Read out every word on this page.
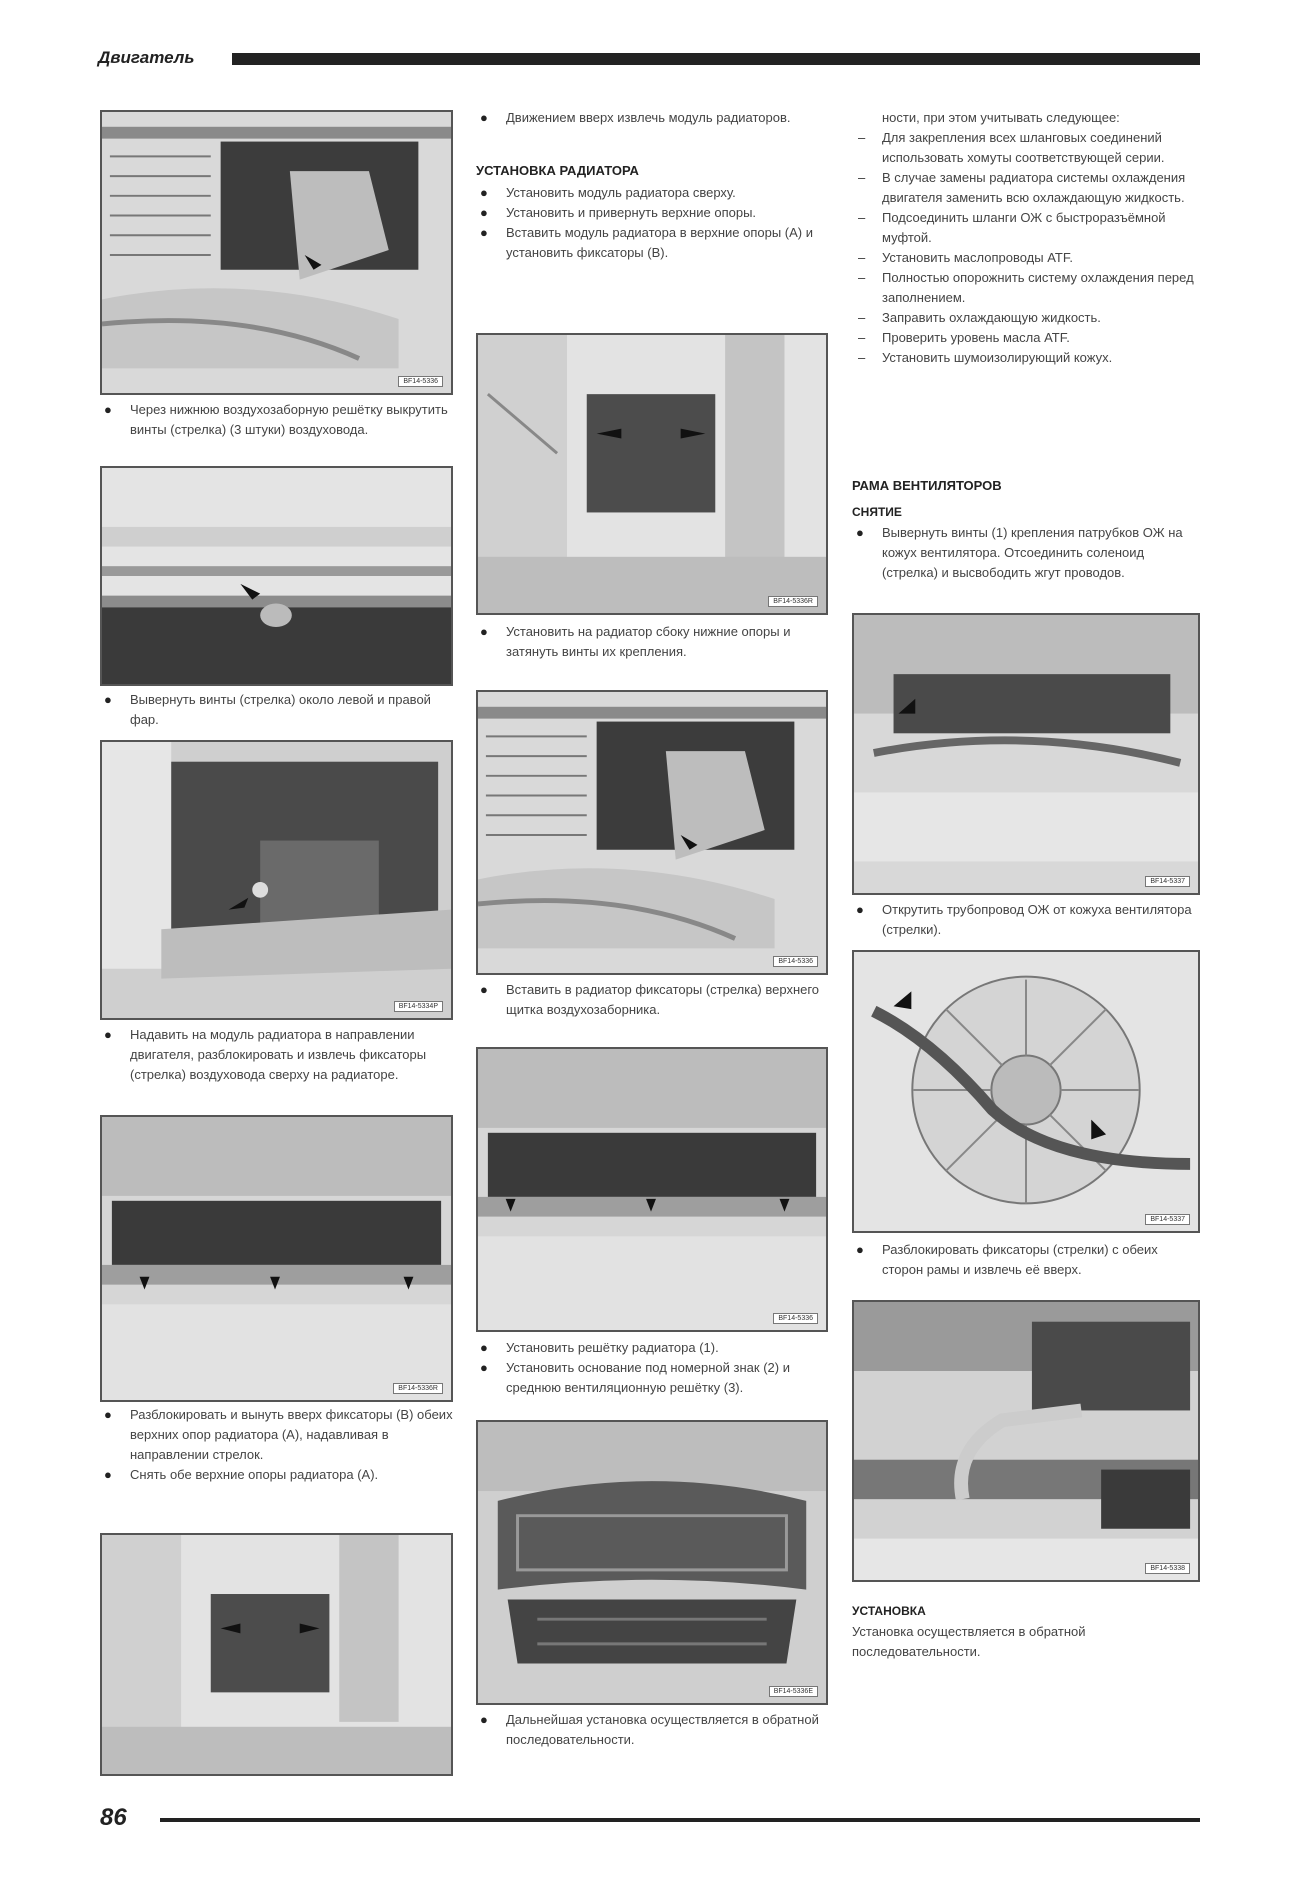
Двигатель
BF14-5336

● Через нижнюю воздухозаборную решётку выкрутить винты (стрелка) (3 штуки) воздуховода.

● Вывернуть винты (стрелка) около левой и правой фар.

BF14-5334P

● Надавить на модуль радиатора в направлении двигателя, разблокировать и извлечь фиксаторы (стрелка) воздуховода сверху на радиаторе.

BF14-5336R

● Разблокировать и вынуть вверх фиксаторы (B) обеих верхних опор радиатора (A), надавливая в направлении стрелок.

● Снять обе верхние опоры радиатора (A).

● Движением вверх извлечь модуль радиаторов.

УСТАНОВКА РАДИАТОРА

● Установить модуль радиатора сверху.

● Установить и привернуть верхние опоры.

● Вставить модуль радиатора в верхние опоры (A) и установить фиксаторы (B).

BF14-5336R

● Установить на радиатор сбоку нижние опоры и затянуть винты их крепления.

BF14-5336

● Вставить в радиатор фиксаторы (стрелка) верхнего щитка воздухозаборника.

BF14-5336

● Установить решётку радиатора (1).

● Установить основание под номерной знак (2) и среднюю вентиляционную решётку (3).

BF14-5336E

● Дальнейшая установка осуществляется в обратной последовательности.

ности, при этом учитывать следующее:

– Для закрепления всех шланговых соединений использовать хомуты соответствующей серии.

– В случае замены радиатора системы охлаждения двигателя заменить всю охлаждающую жидкость.

– Подсоединить шланги ОЖ с быстроразъёмной муфтой.

– Установить маслопроводы ATF.

– Полностью опорожнить систему охлаждения перед заполнением.

– Заправить охлаждающую жидкость.

– Проверить уровень масла ATF.

– Установить шумоизолирующий кожух.

РАМА ВЕНТИЛЯТОРОВ
СНЯТИЕ

● Вывернуть винты (1) крепления патрубков ОЖ на кожух вентилятора. Отсоединить соленоид (стрелка) и высвободить жгут проводов.

BF14-5337

● Открутить трубопровод ОЖ от кожуха вентилятора (стрелки).

BF14-5337

● Разблокировать фиксаторы (стрелки) с обеих сторон рамы и извлечь её вверх.

BF14-5338
УСТАНОВКА

Установка осуществляется в обратной последовательности.

86
